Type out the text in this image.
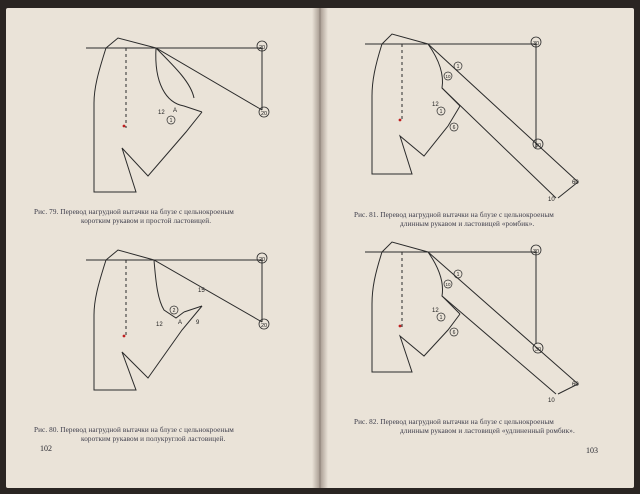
20
20
12 A
1
Рис. 79. Перевод нагрудной вытачки на блузе с цельнокроеным
коротким рукавом и простой ластовицей.
20
20
15
12	A
2
9
Рис. 80. Перевод нагрудной вытачки на блузе с цельнокроеным
коротким рукавом и полукруглой ластовицей.
102
30
1
10
12
1
6
30
60
10
Рис. 81. Перевод нагрудной вытачки на блузе с цельнокроеным
длинным рукавом и ластовицей «ромбик».
30
1
10
12
1
6
30
60
10
Рис. 82. Перевод нагрудной вытачки на блузе с цельнокроеным
длинным рукавом и ластовицей «удлиненный ромбик».
103
